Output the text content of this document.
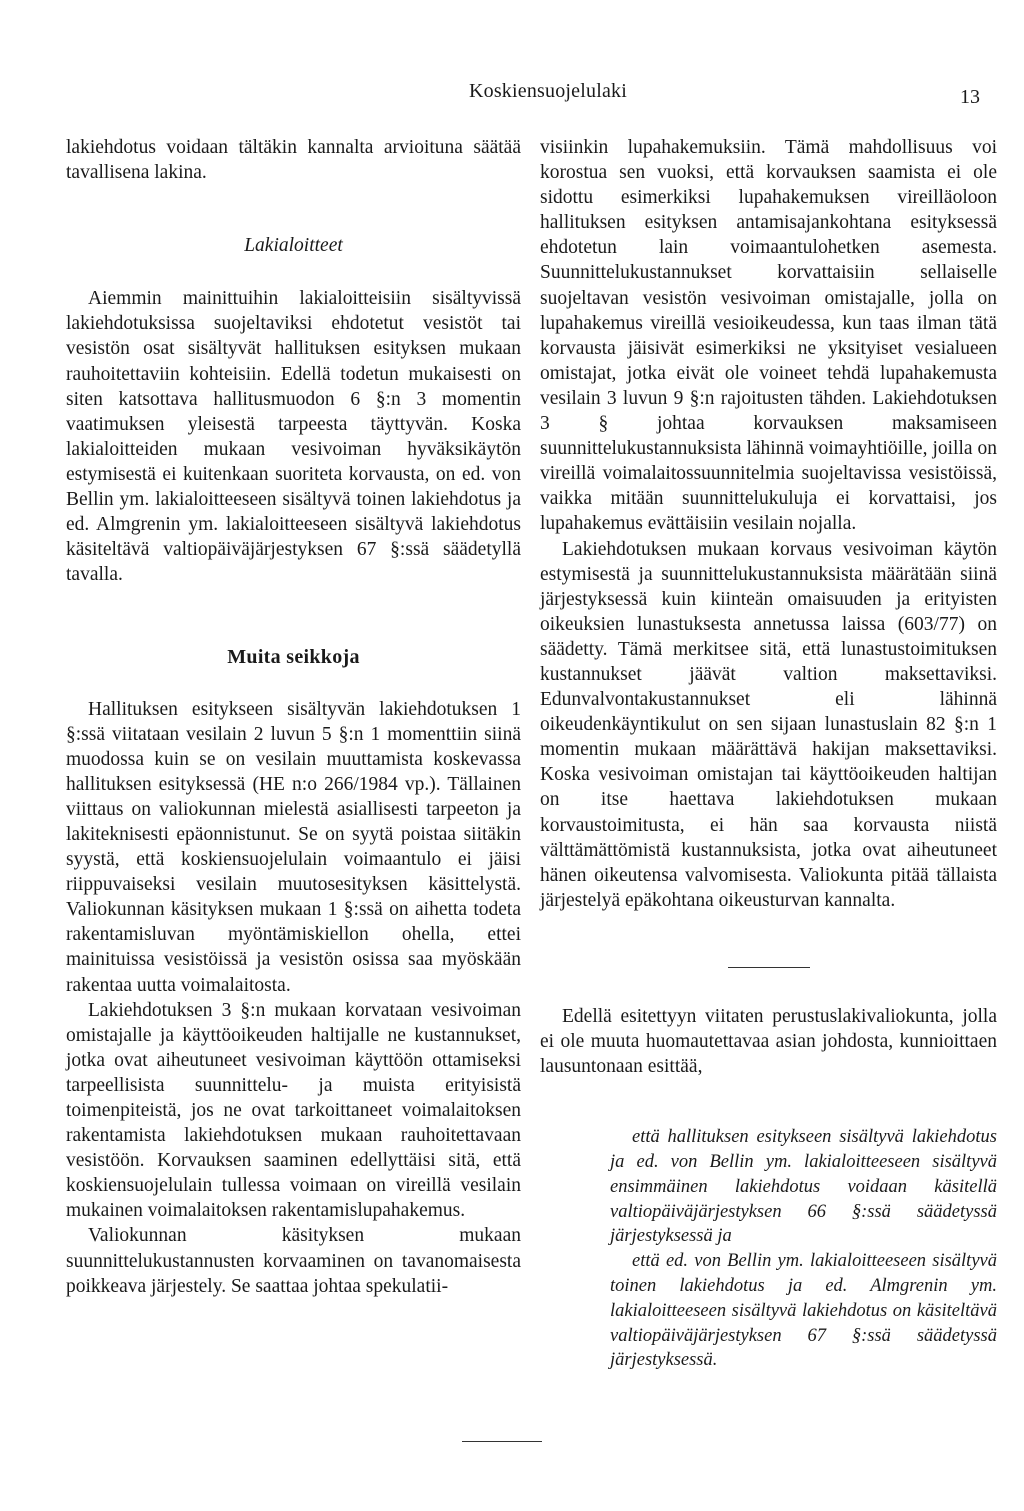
Koskiensuojelulaki	13

lakiehdotus voidaan tältäkin kannalta arvioituna säätää tavallisena lakina.

Lakialoitteet

Aiemmin mainittuihin lakialoitteisiin sisältyvissä lakiehdotuksissa suojeltaviksi ehdotetut vesistöt tai vesistön osat sisältyvät hallituksen esityksen mukaan rauhoitettaviin kohteisiin. Edellä todetun mukaisesti on siten katsottava hallitusmuodon 6 §:n 3 momentin vaatimuksen yleisestä tarpeesta täyttyvän. Koska lakialoitteiden mukaan vesivoiman hyväksikäytön estymisestä ei kuitenkaan suoriteta korvausta, on ed. von Bellin ym. lakialoitteeseen sisältyvä toinen lakiehdotus ja ed. Almgrenin ym. lakialoitteeseen sisältyvä lakiehdotus käsiteltävä valtiopäiväjärjestyksen 67 §:ssä säädetyllä tavalla.

Muita seikkoja

Hallituksen esitykseen sisältyvän lakiehdotuksen 1 §:ssä viitataan vesilain 2 luvun 5 §:n 1 momenttiin siinä muodossa kuin se on vesilain muuttamista koskevassa hallituksen esityksessä (HE n:o 266/1984 vp.). Tällainen viittaus on valiokunnan mielestä asiallisesti tarpeeton ja lakiteknisesti epäonnistunut. Se on syytä poistaa siitäkin syystä, että koskiensuojelulain voimaantulo ei jäisi riippuvaiseksi vesilain muutosesityksen käsittelystä. Valiokunnan käsityksen mukaan 1 §:ssä on aihetta todeta rakentamisluvan myöntämiskiellon ohella, ettei mainituissa vesistöissä ja vesistön osissa saa myöskään rakentaa uutta voimalaitosta.

Lakiehdotuksen 3 §:n mukaan korvataan vesivoiman omistajalle ja käyttöoikeuden haltijalle ne kustannukset, jotka ovat aiheutuneet vesivoiman käyttöön ottamiseksi tarpeellisista suunnittelu- ja muista erityisistä toimenpiteistä, jos ne ovat tarkoittaneet voimalaitoksen rakentamista lakiehdotuksen mukaan rauhoitettavaan vesistöön. Korvauksen saaminen edellyttäisi sitä, että koskiensuojelulain tullessa voimaan on vireillä vesilain mukainen voimalaitoksen rakentamislupahakemus.

Valiokunnan käsityksen mukaan suunnittelukustannusten korvaaminen on tavanomaisesta poikkeava järjestely. Se saattaa johtaa spekulatii-

visiinkin lupahakemuksiin. Tämä mahdollisuus voi korostua sen vuoksi, että korvauksen saamista ei ole sidottu esimerkiksi lupahakemuksen vireilläoloon hallituksen esityksen antamisajankohtana esityksessä ehdotetun lain voimaantulohetken asemesta. Suunnittelukustannukset korvattaisiin sellaiselle suojeltavan vesistön vesivoiman omistajalle, jolla on lupahakemus vireillä vesioikeudessa, kun taas ilman tätä korvausta jäisivät esimerkiksi ne yksityiset vesialueen omistajat, jotka eivät ole voineet tehdä lupahakemusta vesilain 3 luvun 9 §:n rajoitusten tähden. Lakiehdotuksen 3 § johtaa korvauksen maksamiseen suunnittelukustannuksista lähinnä voimayhtiöille, joilla on vireillä voimalaitossuunnitelmia suojeltavissa vesistöissä, vaikka mitään suunnittelukuluja ei korvattaisi, jos lupahakemus evättäisiin vesilain nojalla.

Lakiehdotuksen mukaan korvaus vesivoiman käytön estymisestä ja suunnittelukustannuksista määrätään siinä järjestyksessä kuin kiinteän omaisuuden ja erityisten oikeuksien lunastuksesta annetussa laissa (603/77) on säädetty. Tämä merkitsee sitä, että lunastustoimituksen kustannukset jäävät valtion maksettaviksi. Edunvalvontakustannukset eli lähinnä oikeudenkäyntikulut on sen sijaan lunastuslain 82 §:n 1 momentin mukaan määrättävä hakijan maksettaviksi. Koska vesivoiman omistajan tai käyttöoikeuden haltijan on itse haettava lakiehdotuksen mukaan korvaustoimitusta, ei hän saa korvausta niistä välttämättömistä kustannuksista, jotka ovat aiheutuneet hänen oikeutensa valvomisesta. Valiokunta pitää tällaista järjestelyä epäkohtana oikeusturvan kannalta.

Edellä esitettyyn viitaten perustuslakivaliokunta, jolla ei ole muuta huomautettavaa asian johdosta, kunnioittaen lausuntonaan esittää,

että hallituksen esitykseen sisältyvä lakiehdotus ja ed. von Bellin ym. lakialoitteeseen sisältyvä ensimmäinen lakiehdotus voidaan käsitellä valtiopäiväjärjestyksen 66 §:ssä säädetyssä järjestyksessä ja

että ed. von Bellin ym. lakialoitteeseen sisältyvä toinen lakiehdotus ja ed. Almgrenin ym. lakialoitteeseen sisältyvä lakiehdotus on käsiteltävä valtiopäiväjärjestyksen 67 §:ssä säädetyssä järjestyksessä.
